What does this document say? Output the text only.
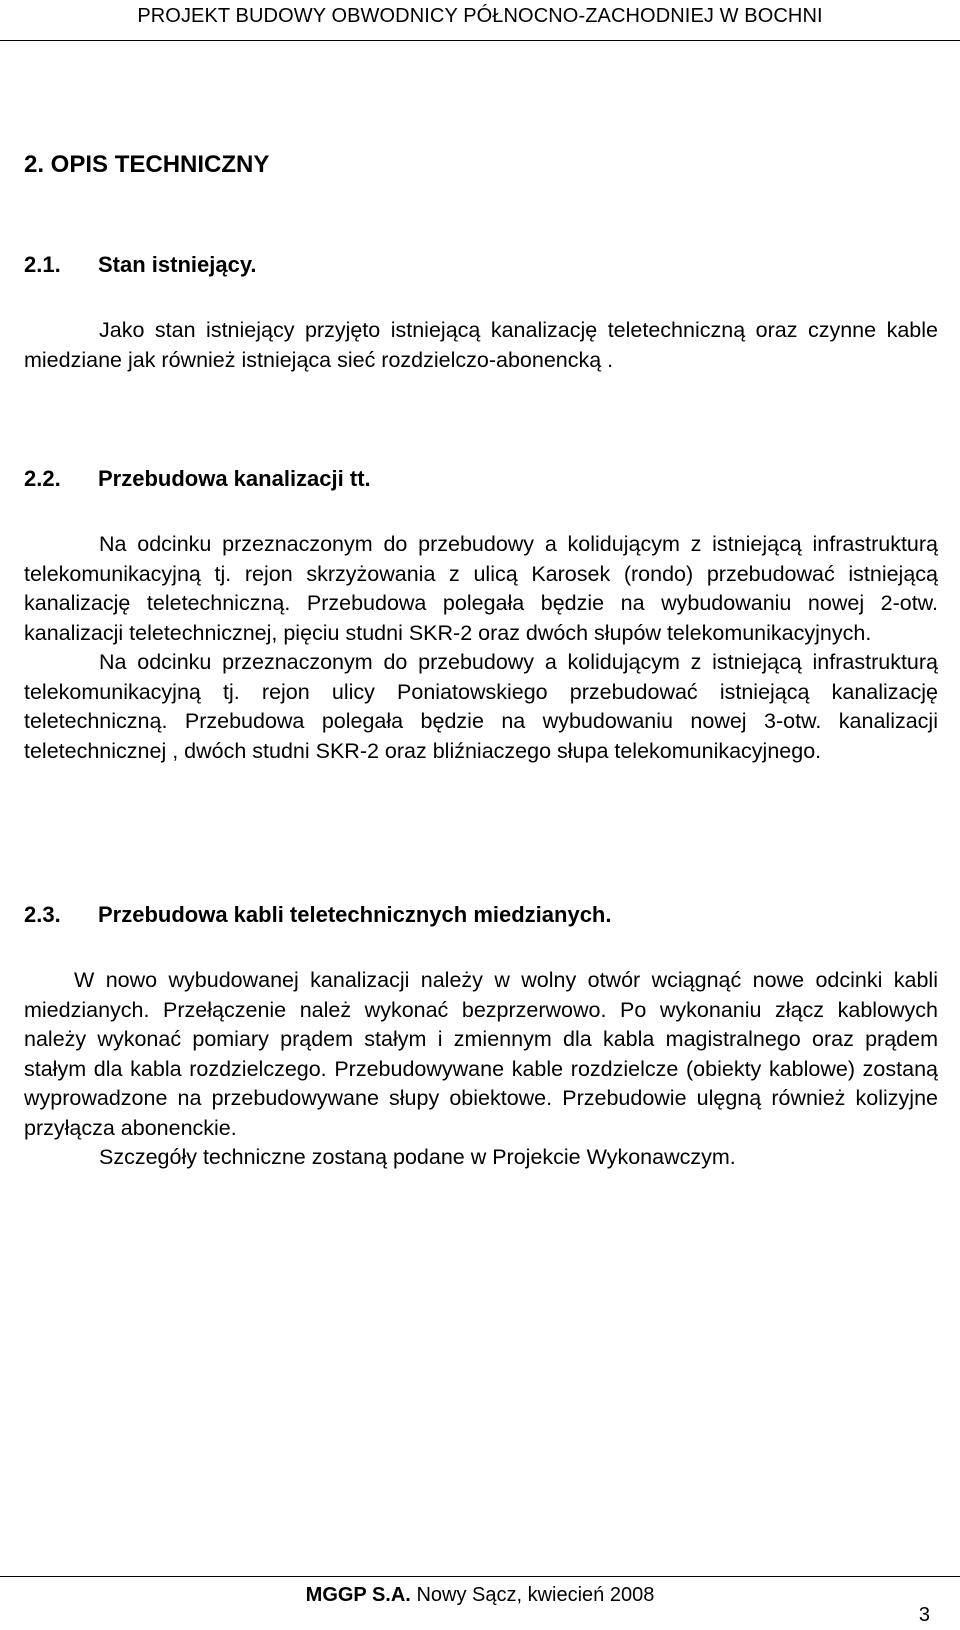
PROJEKT BUDOWY OBWODNICY PÓŁNOCNO-ZACHODNIEJ W BOCHNI
2. OPIS TECHNICZNY
2.1. Stan istniejący.

Jako stan istniejący przyjęto istniejącą kanalizację teletechniczną oraz czynne kable miedziane jak również istniejąca sieć rozdzielczo-abonencką .

2.2. Przebudowa kanalizacji tt.

Na odcinku przeznaczonym do przebudowy a kolidującym z istniejącą infrastrukturą telekomunikacyjną tj. rejon skrzyżowania z ulicą Karosek (rondo) przebudować istniejącą kanalizację teletechniczną. Przebudowa polegała będzie na wybudowaniu nowej 2-otw. kanalizacji teletechnicznej, pięciu studni SKR-2 oraz dwóch słupów telekomunikacyjnych.

Na odcinku przeznaczonym do przebudowy a kolidującym z istniejącą infrastrukturą telekomunikacyjną tj. rejon ulicy Poniatowskiego przebudować istniejącą kanalizację teletechniczną. Przebudowa polegała będzie na wybudowaniu nowej 3-otw. kanalizacji teletechnicznej , dwóch studni SKR-2 oraz bliźniaczego słupa telekomunikacyjnego.

2.3. Przebudowa kabli teletechnicznych miedzianych.

W nowo wybudowanej kanalizacji należy w wolny otwór wciągnąć nowe odcinki kabli miedzianych. Przełączenie należ wykonać bezprzerwowo. Po wykonaniu złącz kablowych należy wykonać pomiary prądem stałym i zmiennym dla kabla magistralnego oraz prądem stałym dla kabla rozdzielczego. Przebudowywane kable rozdzielcze (obiekty kablowe) zostaną wyprowadzone na przebudowywane słupy obiektowe. Przebudowie ulęgną również kolizyjne przyłącza abonenckie.

Szczegóły techniczne zostaną podane w Projekcie Wykonawczym.

MGGP S.A. Nowy Sącz, kwiecień 2008
3
